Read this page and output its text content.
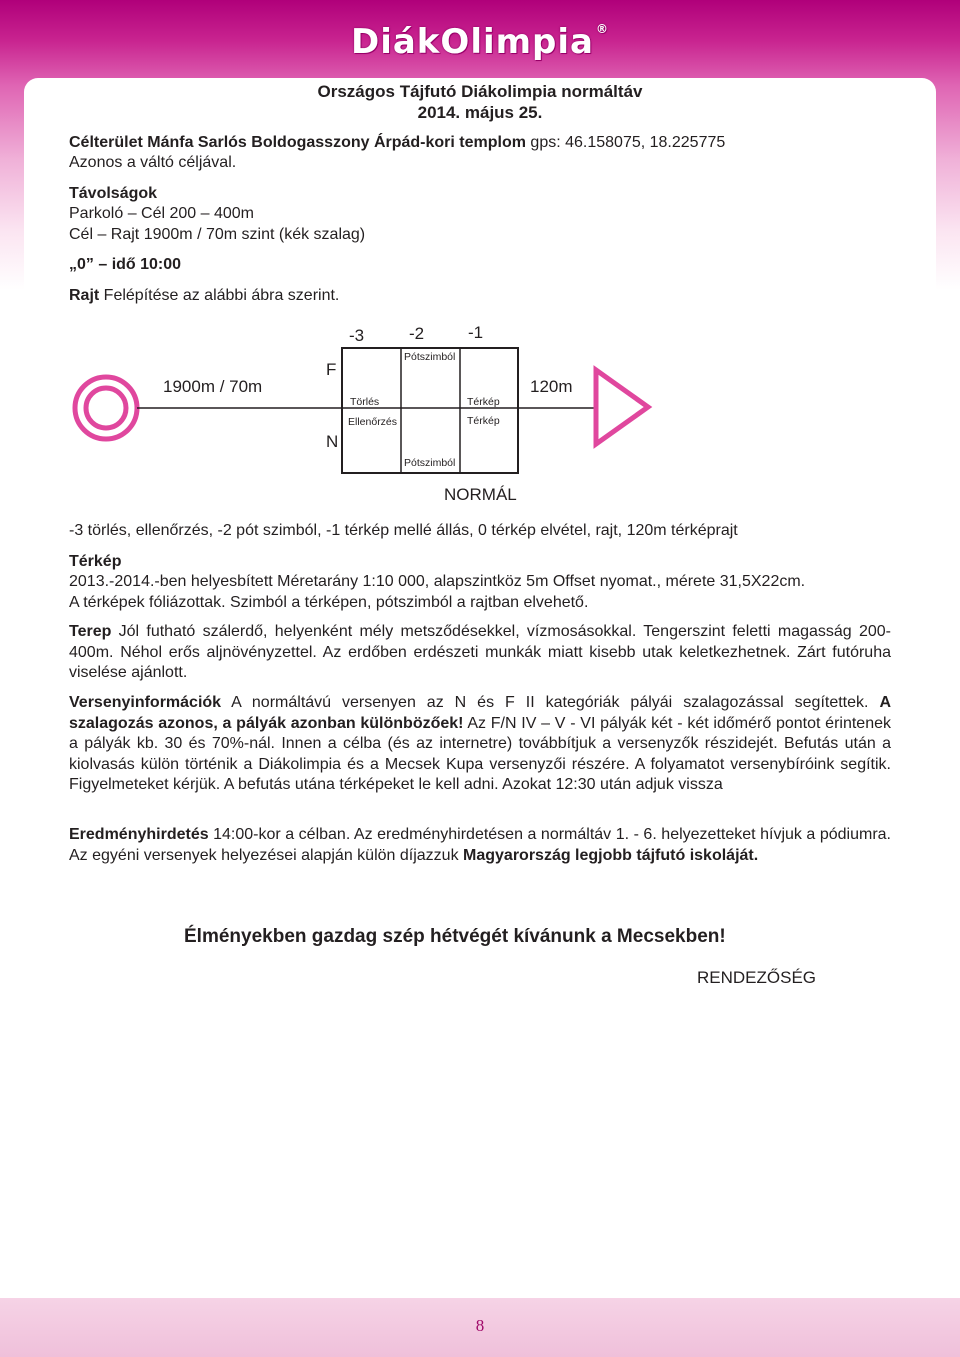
DiákOlimpia ®
Országos Tájfutó Diákolimpia normáltáv
2014. május 25.
Célterület Mánfa Sarlós Boldogasszony Árpád-kori templom gps: 46.158075, 18.225775
Azonos a váltó céljával.
Távolságok
Parkoló – Cél 200 – 400m
Cél – Rajt 1900m / 70m szint (kék szalag)
„0” – idő 10:00
Rajt Felépítése az alábbi ábra szerint.
-3	-2	-1
F
N
1900m / 70m	120m
Pótszimból
Pótszimból
Törlés
Ellenőrzés
Térkép
Térkép
NORMÁL
-3 törlés, ellenőrzés, -2 pót szimból, -1 térkép mellé állás, 0 térkép elvétel, rajt, 120m térképrajt
Térkép
2013.-2014.-ben helyesbített Méretarány 1:10 000, alapszintköz 5m Offset nyomat., mérete 31,5X22cm.
A térképek fóliázottak. Szimból a térképen, pótszimból a rajtban elvehető.
Terep Jól futható szálerdő, helyenként mély metsződésekkel, vízmosásokkal. Tengerszint feletti magasság 200-400m. Néhol erős aljnövényzettel. Az erdőben erdészeti munkák miatt kisebb utak keletkezhetnek. Zárt futóruha viselése ajánlott.
Versenyinformációk A normáltávú versenyen az N és F II kategóriák pályái szalagozással segítettek. A szalagozás azonos, a pályák azonban különbözőek! Az F/N IV – V - VI pályák két - két időmérő pontot érintenek a pályák kb. 30 és 70%-nál. Innen a célba (és az internetre) továbbítjuk a versenyzők részidejét. Befutás után a kiolvasás külön történik a Diákolimpia és a Mecsek Kupa versenyzői részére. A folyamatot versenybíróink segítik. Figyelmeteket kérjük. A befutás utána térképeket le kell adni. Azokat 12:30 után adjuk vissza
Eredményhirdetés 14:00-kor a célban. Az eredményhirdetésen a normáltáv 1. - 6. helyezetteket hívjuk a pódiumra. Az egyéni versenyek helyezései alapján külön díjazzuk Magyarország legjobb tájfutó iskoláját.
Élményekben gazdag szép hétvégét kívánunk a Mecsekben!
RENDEZŐSÉG
8
